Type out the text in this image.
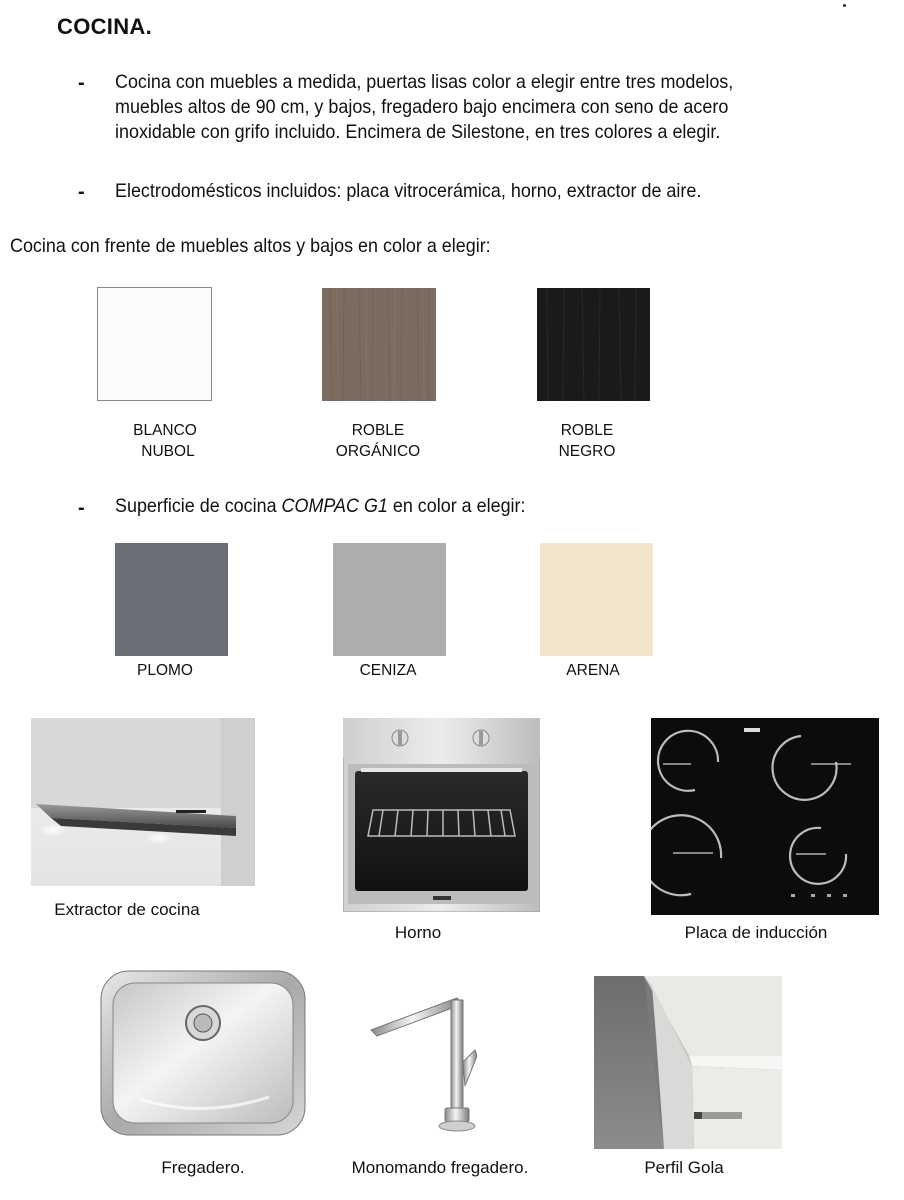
COCINA.
- Cocina con muebles a medida, puertas lisas color a elegir entre tres modelos,
muebles altos de 90 cm, y bajos, fregadero bajo encimera con seno de acero
inoxidable con grifo incluido. Encimera de Silestone, en tres colores a elegir.
- Electrodomésticos incluidos: placa vitrocerámica, horno, extractor de aire.
Cocina con frente de muebles altos y bajos en color a elegir:
BLANCO
NUBOL
ROBLE
ORGÁNICO
ROBLE
NEGRO
- Superficie de cocina COMPAC G1 en color a elegir:
PLOMO	CENIZA	ARENA
Extractor de cocina
Horno	Placa de inducción
Fregadero.	Monomando fregadero.	Perfil Gola
